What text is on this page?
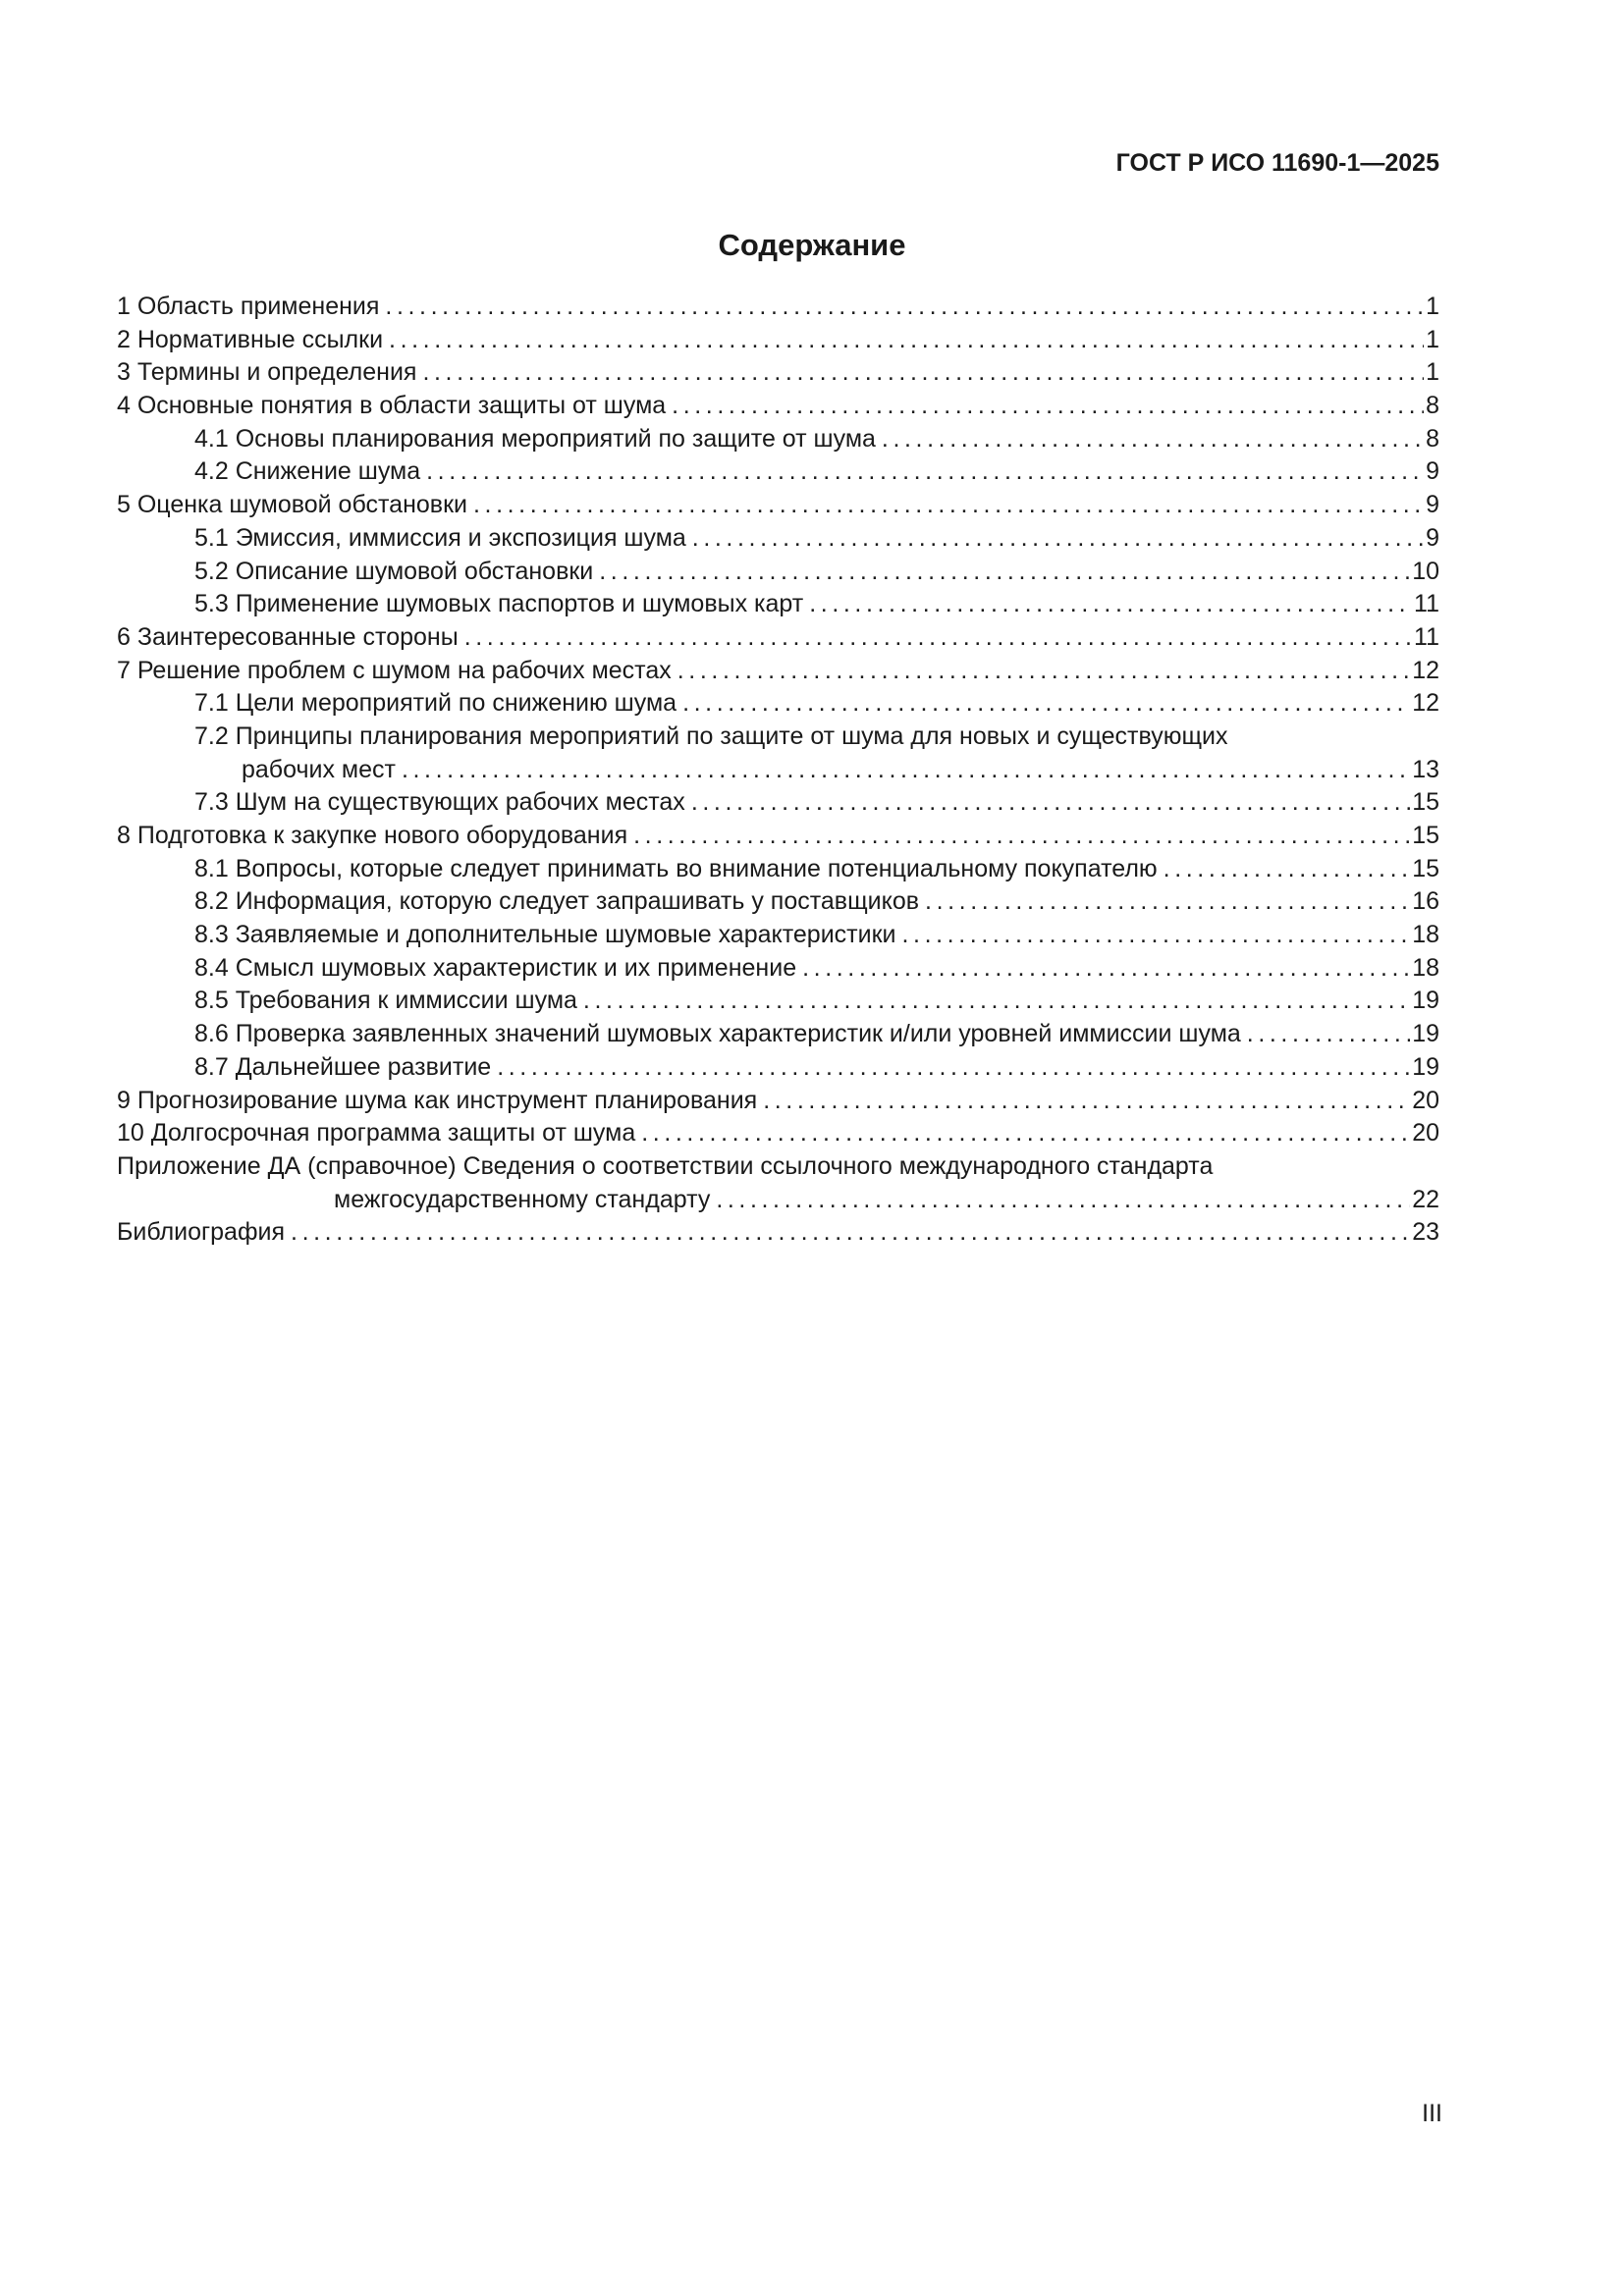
ГОСТ Р ИСО 11690-1—2025
Содержание
1 Область применения .....	1
2 Нормативные ссылки .....	1
3 Термины и определения .....	1
4 Основные понятия в области защиты от шума .....	8
4.1 Основы планирования мероприятий по защите от шума .....	8
4.2 Снижение шума .....	9
5 Оценка шумовой обстановки .....	9
5.1 Эмиссия, иммиссия и экспозиция шума .....	9
5.2 Описание шумовой обстановки .....	10
5.3 Применение шумовых паспортов и шумовых карт .....	11
6 Заинтересованные стороны .....	11
7 Решение проблем с шумом на рабочих местах .....	12
7.1 Цели мероприятий по снижению шума .....	12
7.2 Принципы планирования мероприятий по защите от шума для новых и существующих
рабочих мест .....	13
7.3 Шум на существующих рабочих местах .....	15
8 Подготовка к закупке нового оборудования .....	15
8.1 Вопросы, которые следует принимать во внимание потенциальному покупателю .....	15
8.2 Информация, которую следует запрашивать у поставщиков .....	16
8.3 Заявляемые и дополнительные шумовые характеристики .....	18
8.4 Смысл шумовых характеристик и их применение .....	18
8.5 Требования к иммиссии шума .....	19
8.6 Проверка заявленных значений шумовых характеристик и/или уровней иммиссии шума .....	19
8.7 Дальнейшее развитие .....	19
9 Прогнозирование шума как инструмент планирования .....	20
10 Долгосрочная программа защиты от шума .....	20
Приложение ДА (справочное) Сведения о соответствии ссылочного международного стандарта
межгосударственному стандарту .....	22
Библиография .....	23
III
